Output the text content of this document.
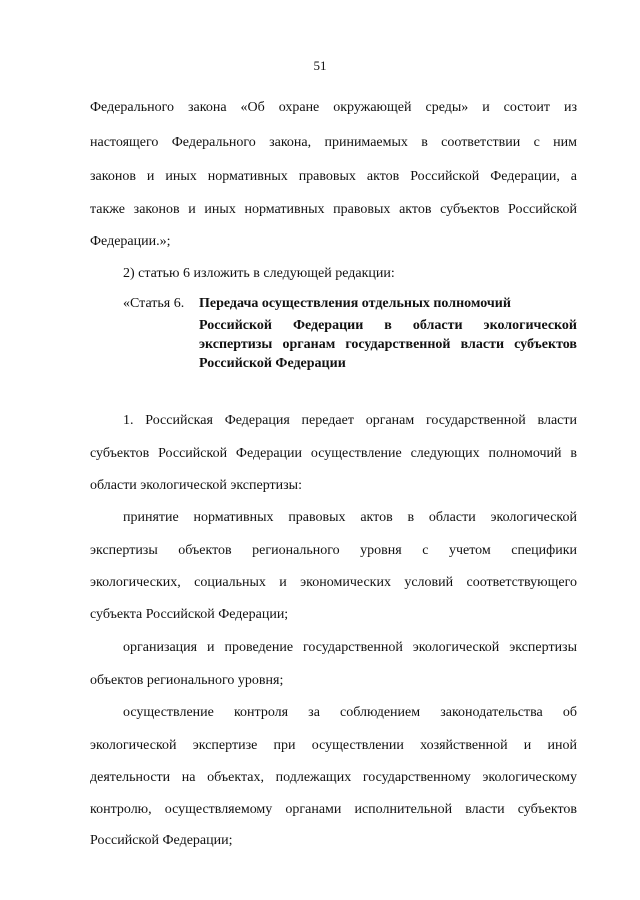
51
Федерального закона «Об охране окружающей среды» и состоит из
настоящего Федерального закона, принимаемых в соответствии с ним
законов и иных нормативных правовых актов Российской Федерации, а
также законов и иных нормативных правовых актов субъектов Российской
Федерации.»;
2) статью 6 изложить в следующей редакции:
«Статья 6. Передача осуществления отдельных полномочий
Российской Федерации в области экологической
экспертизы органам государственной власти субъектов
Российской Федерации
1. Российская Федерация передает органам государственной власти
субъектов Российской Федерации осуществление следующих полномочий в
области экологической экспертизы:
принятие нормативных правовых актов в области экологической
экспертизы объектов регионального уровня с учетом специфики
экологических, социальных и экономических условий соответствующего
субъекта Российской Федерации;
организация и проведение государственной экологической экспертизы
объектов регионального уровня;
осуществление контроля за соблюдением законодательства об
экологической экспертизе при осуществлении хозяйственной и иной
деятельности на объектах, подлежащих государственному экологическому
контролю, осуществляемому органами исполнительной власти субъектов
Российской Федерации;
